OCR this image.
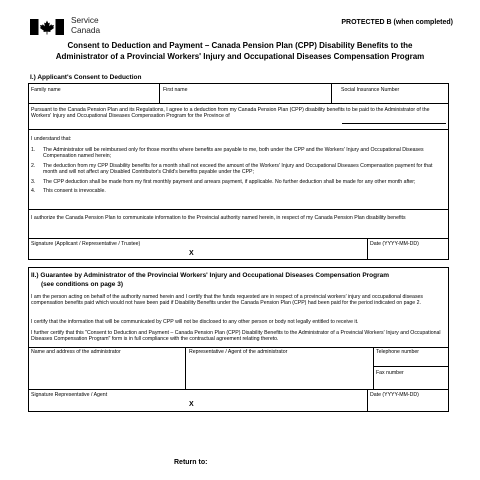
Service
Canada
PROTECTED B (when completed)
Consent to Deduction and Payment – Canada Pension Plan (CPP) Disability Benefits to the
Administrator of a Provincial Workers' Injury and Occupational Diseases Compensation Program
I.) Applicant's Consent to Deduction
Family name	First name	Social Insurance Number
Pursuant to the Canada Pension Plan and its Regulations, I agree to a deduction from my Canada Pension Plan (CPP) disability benefits to be paid to the Administrator of the Workers' Injury and Occupational Diseases Compensation Program for the Province of
I understand that:
1. The Administrator will be reimbursed only for those months where benefits are payable to me, both under the CPP and the Workers' Injury and Occupational Diseases Compensation named herein;
2. The deduction from my CPP Disability benefits for a month shall not exceed the amount of the Workers' Injury and Occupational Diseases Compensation payment for that month and will not affect any Disabled Contributor's Child's benefits payable under the CPP;
3. The CPP deduction shall be made from my first monthly payment and arrears payment, if applicable. No further deduction shall be made for any other month after;
4. This consent is irrevocable.
I authorize the Canada Pension Plan to communicate information to the Provincial authority named herein, in respect of my Canada Pension Plan disability benefits
Signature (Applicant / Representative / Trustee)	Date (YYYY-MM-DD)
X
II.) Guarantee by Administrator of the Provincial Workers' Injury and Occupational Diseases Compensation Program
(see conditions on page 3)
I am the person acting on behalf of the authority named herein and I certify that the funds requested are in respect of a provincial workers' injury and occupational diseases compensation benefits paid which would not have been paid if Disability Benefits under the Canada Pension Plan (CPP) had been paid for the period indicated on page 2.
I certify that the information that will be communicated by CPP will not be disclosed to any other person or body not legally entitled to receive it.
I further certify that this "Consent to Deduction and Payment – Canada Pension Plan (CPP) Disability Benefits to the Administrator of a Provincial Workers' Injury and Occupational Diseases Compensation Program" form is in full compliance with the contractual agreement relating thereto.
Name and address of the administrator	Representative / Agent of the administrator	Telephone number
Fax number
Signature Representative / Agent	Date (YYYY-MM-DD)
X
Return to:
